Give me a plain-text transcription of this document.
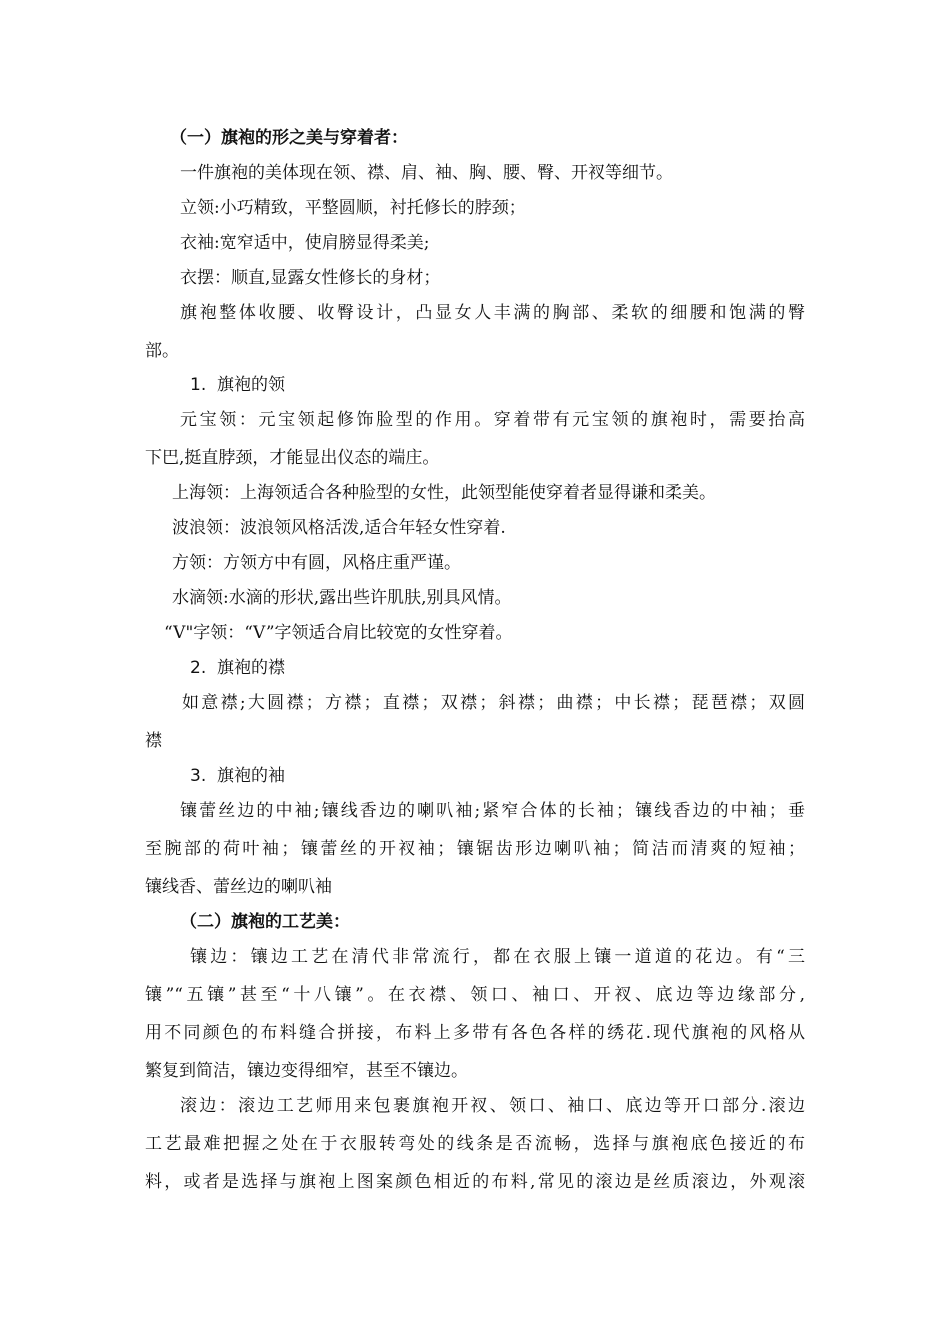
（一）旗袍的形之美与穿着者：
一件旗袍的美体现在领、襟、肩、袖、胸、腰、臀、开衩等细节。
立领:小巧精致，平整圆顺，衬托修长的脖颈；
衣袖:宽窄适中，使肩膀显得柔美;
衣摆：顺直,显露女性修长的身材；
旗袍整体收腰、收臀设计，凸显女人丰满的胸部、柔软的细腰和饱满的臀
部。
1. 旗袍的领
元宝领：元宝领起修饰脸型的作用。穿着带有元宝领的旗袍时，需要抬高
下巴,挺直脖颈，才能显出仪态的端庄。
上海领：上海领适合各种脸型的女性，此领型能使穿着者显得谦和柔美。
波浪领：波浪领风格活泼,适合年轻女性穿着.
方领：方领方中有圆，风格庄重严谨。
水滴领:水滴的形状,露出些许肌肤,别具风情。
“V"字领：“V”字领适合肩比较宽的女性穿着。
2. 旗袍的襟
如意襟;大圆襟；方襟；直襟；双襟；斜襟；曲襟；中长襟；琵琶襟；双圆
襟
3. 旗袍的袖
镶蕾丝边的中袖;镶线香边的喇叭袖;紧窄合体的长袖；镶线香边的中袖；垂
至腕部的荷叶袖；镶蕾丝的开衩袖；镶锯齿形边喇叭袖；简洁而清爽的短袖；
镶线香、蕾丝边的喇叭袖
（二）旗袍的工艺美：
镶边：镶边工艺在清代非常流行，都在衣服上镶一道道的花边。有“三
镶”“五镶”甚至“十八镶”。在衣襟、领口、袖口、开衩、底边等边缘部分,
用不同颜色的布料缝合拼接，布料上多带有各色各样的绣花.现代旗袍的风格从
繁复到简洁，镶边变得细窄，甚至不镶边。
滚边：滚边工艺师用来包裹旗袍开衩、领口、袖口、底边等开口部分.滚边
工艺最难把握之处在于衣服转弯处的线条是否流畅，选择与旗袍底色接近的布
料，或者是选择与旗袍上图案颜色相近的布料,常见的滚边是丝质滚边，外观滚
